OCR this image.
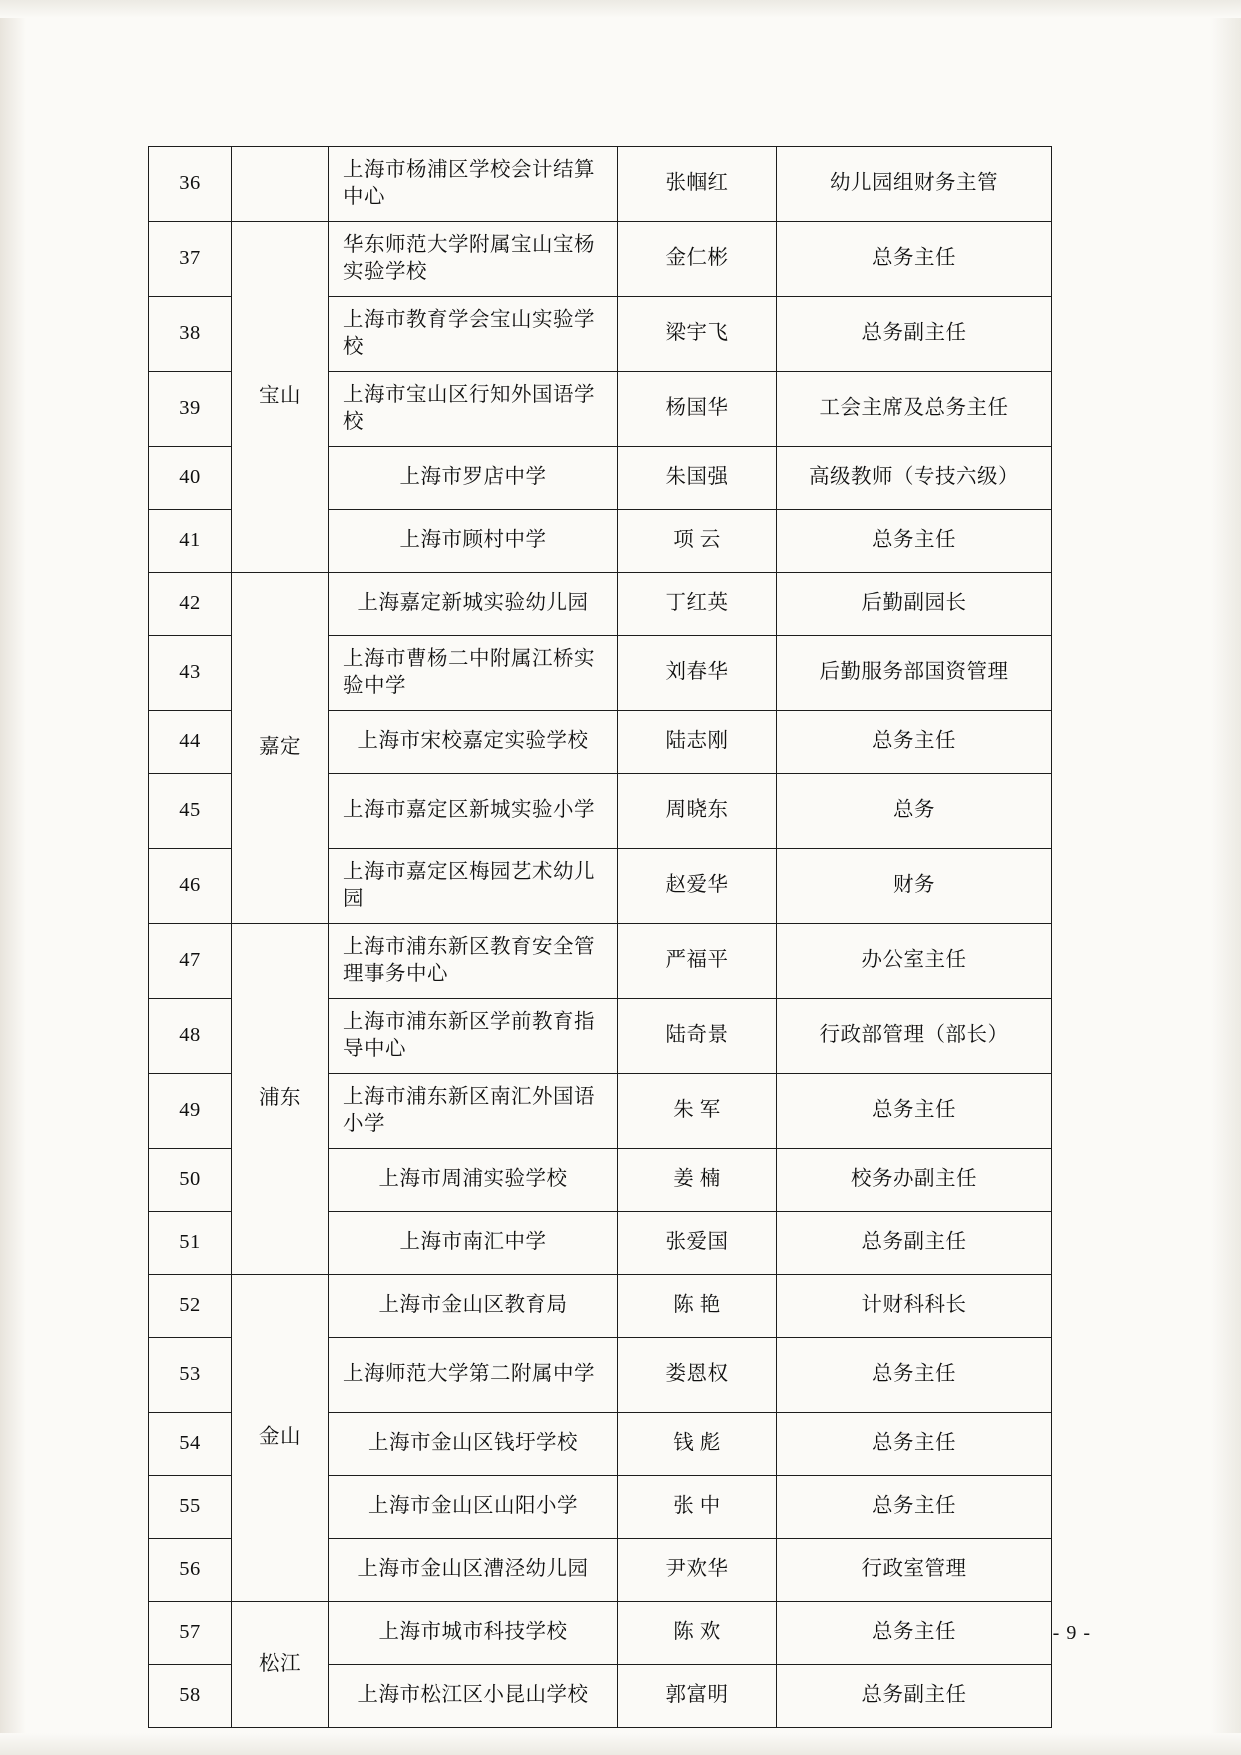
36		上海市杨浦区学校会计结算中心	张帼红	幼儿园组财务主管
37	宝山	华东师范大学附属宝山宝杨实验学校	金仁彬	总务主任
38		上海市教育学会宝山实验学校	梁宇飞	总务副主任
39		上海市宝山区行知外国语学校	杨国华	工会主席及总务主任
40		上海市罗店中学	朱国强	高级教师（专技六级）
41		上海市顾村中学	项 云	总务主任
42	嘉定	上海嘉定新城实验幼儿园	丁红英	后勤副园长
43		上海市曹杨二中附属江桥实验中学	刘春华	后勤服务部国资管理
44		上海市宋校嘉定实验学校	陆志刚	总务主任
45		上海市嘉定区新城实验小学	周晓东	总务
46		上海市嘉定区梅园艺术幼儿园	赵爱华	财务
47	浦东	上海市浦东新区教育安全管理事务中心	严福平	办公室主任
48		上海市浦东新区学前教育指导中心	陆奇景	行政部管理（部长）
49		上海市浦东新区南汇外国语小学	朱 军	总务主任
50		上海市周浦实验学校	姜 楠	校务办副主任
51		上海市南汇中学	张爱国	总务副主任
52	金山	上海市金山区教育局	陈 艳	计财科科长
53		上海师范大学第二附属中学	娄恩权	总务主任
54		上海市金山区钱圩学校	钱 彪	总务主任
55		上海市金山区山阳小学	张 中	总务主任
56		上海市金山区漕泾幼儿园	尹欢华	行政室管理
57	松江	上海市城市科技学校	陈 欢	总务主任
58		上海市松江区小昆山学校	郭富明	总务副主任
- 9 -
